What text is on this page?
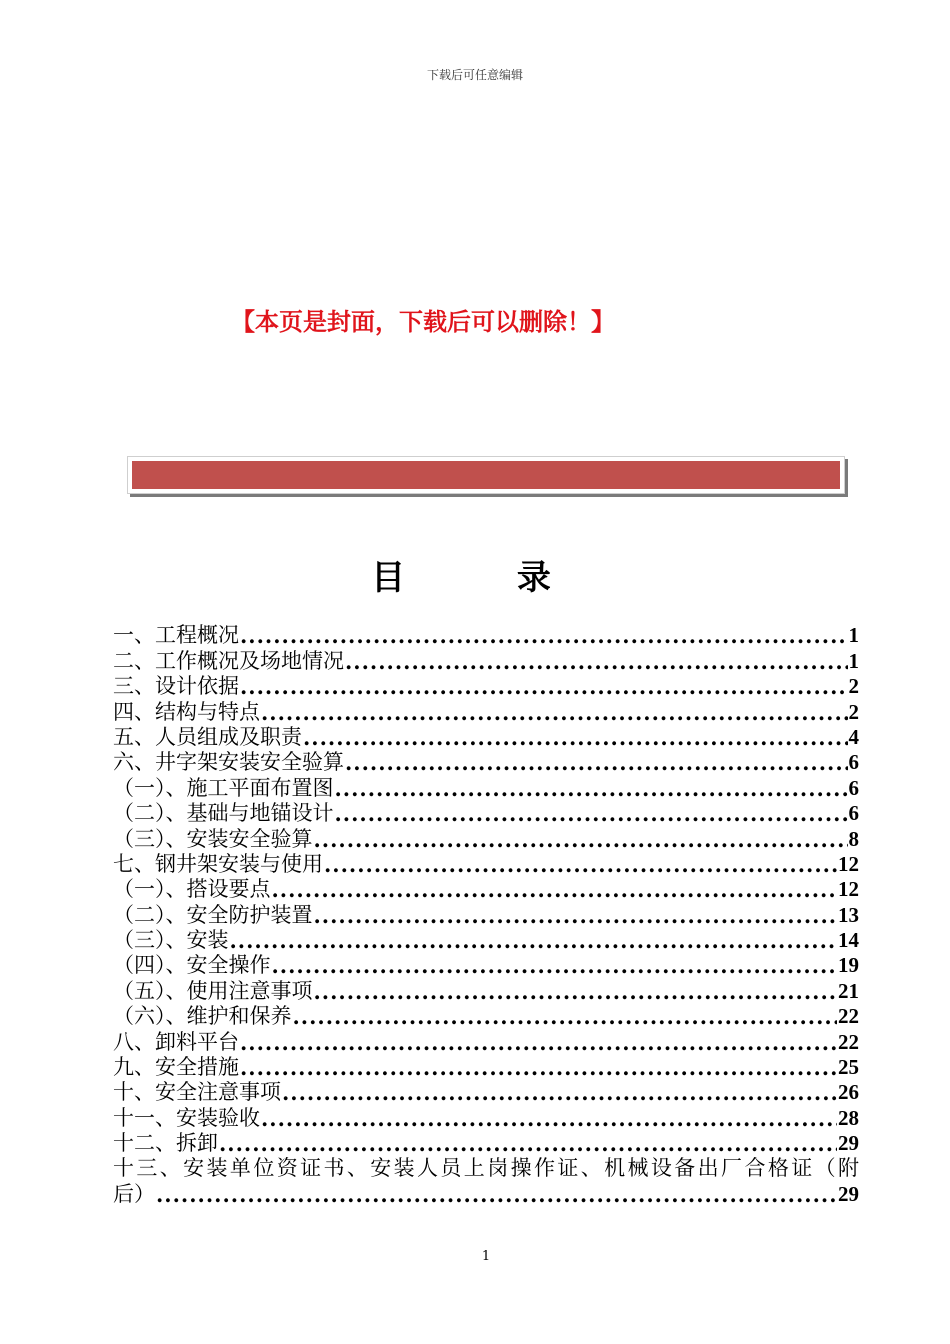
下载后可任意编辑
【本页是封面，下载后可以删除！】
目 录
一、工程概况 .....	1
二、工作概况及场地情况 .....	1
三、设计依据 .....	2
四、结构与特点 .....	2
五、人员组成及职责 .....	4
六、井字架安装安全验算 .....	6
（一）、施工平面布置图 .....	6
（二）、基础与地锚设计 .....	6
（三）、安装安全验算 .....	8
七、钢井架安装与使用 .....	12
（一）、搭设要点 .....	12
（二）、安全防护装置 .....	13
（三）、安装 .....	14
（四）、安全操作 .....	19
（五）、使用注意事项 .....	21
（六）、维护和保养 .....	22
八、卸料平台 .....	22
九、安全措施 .....	25
十、安全注意事项 .....	26
十一、安装验收 .....	28
十二、拆卸 .....	29
十三、安装单位资证书、安装人员上岗操作证、机械设备出厂合格证（附
后） .....	29
1
